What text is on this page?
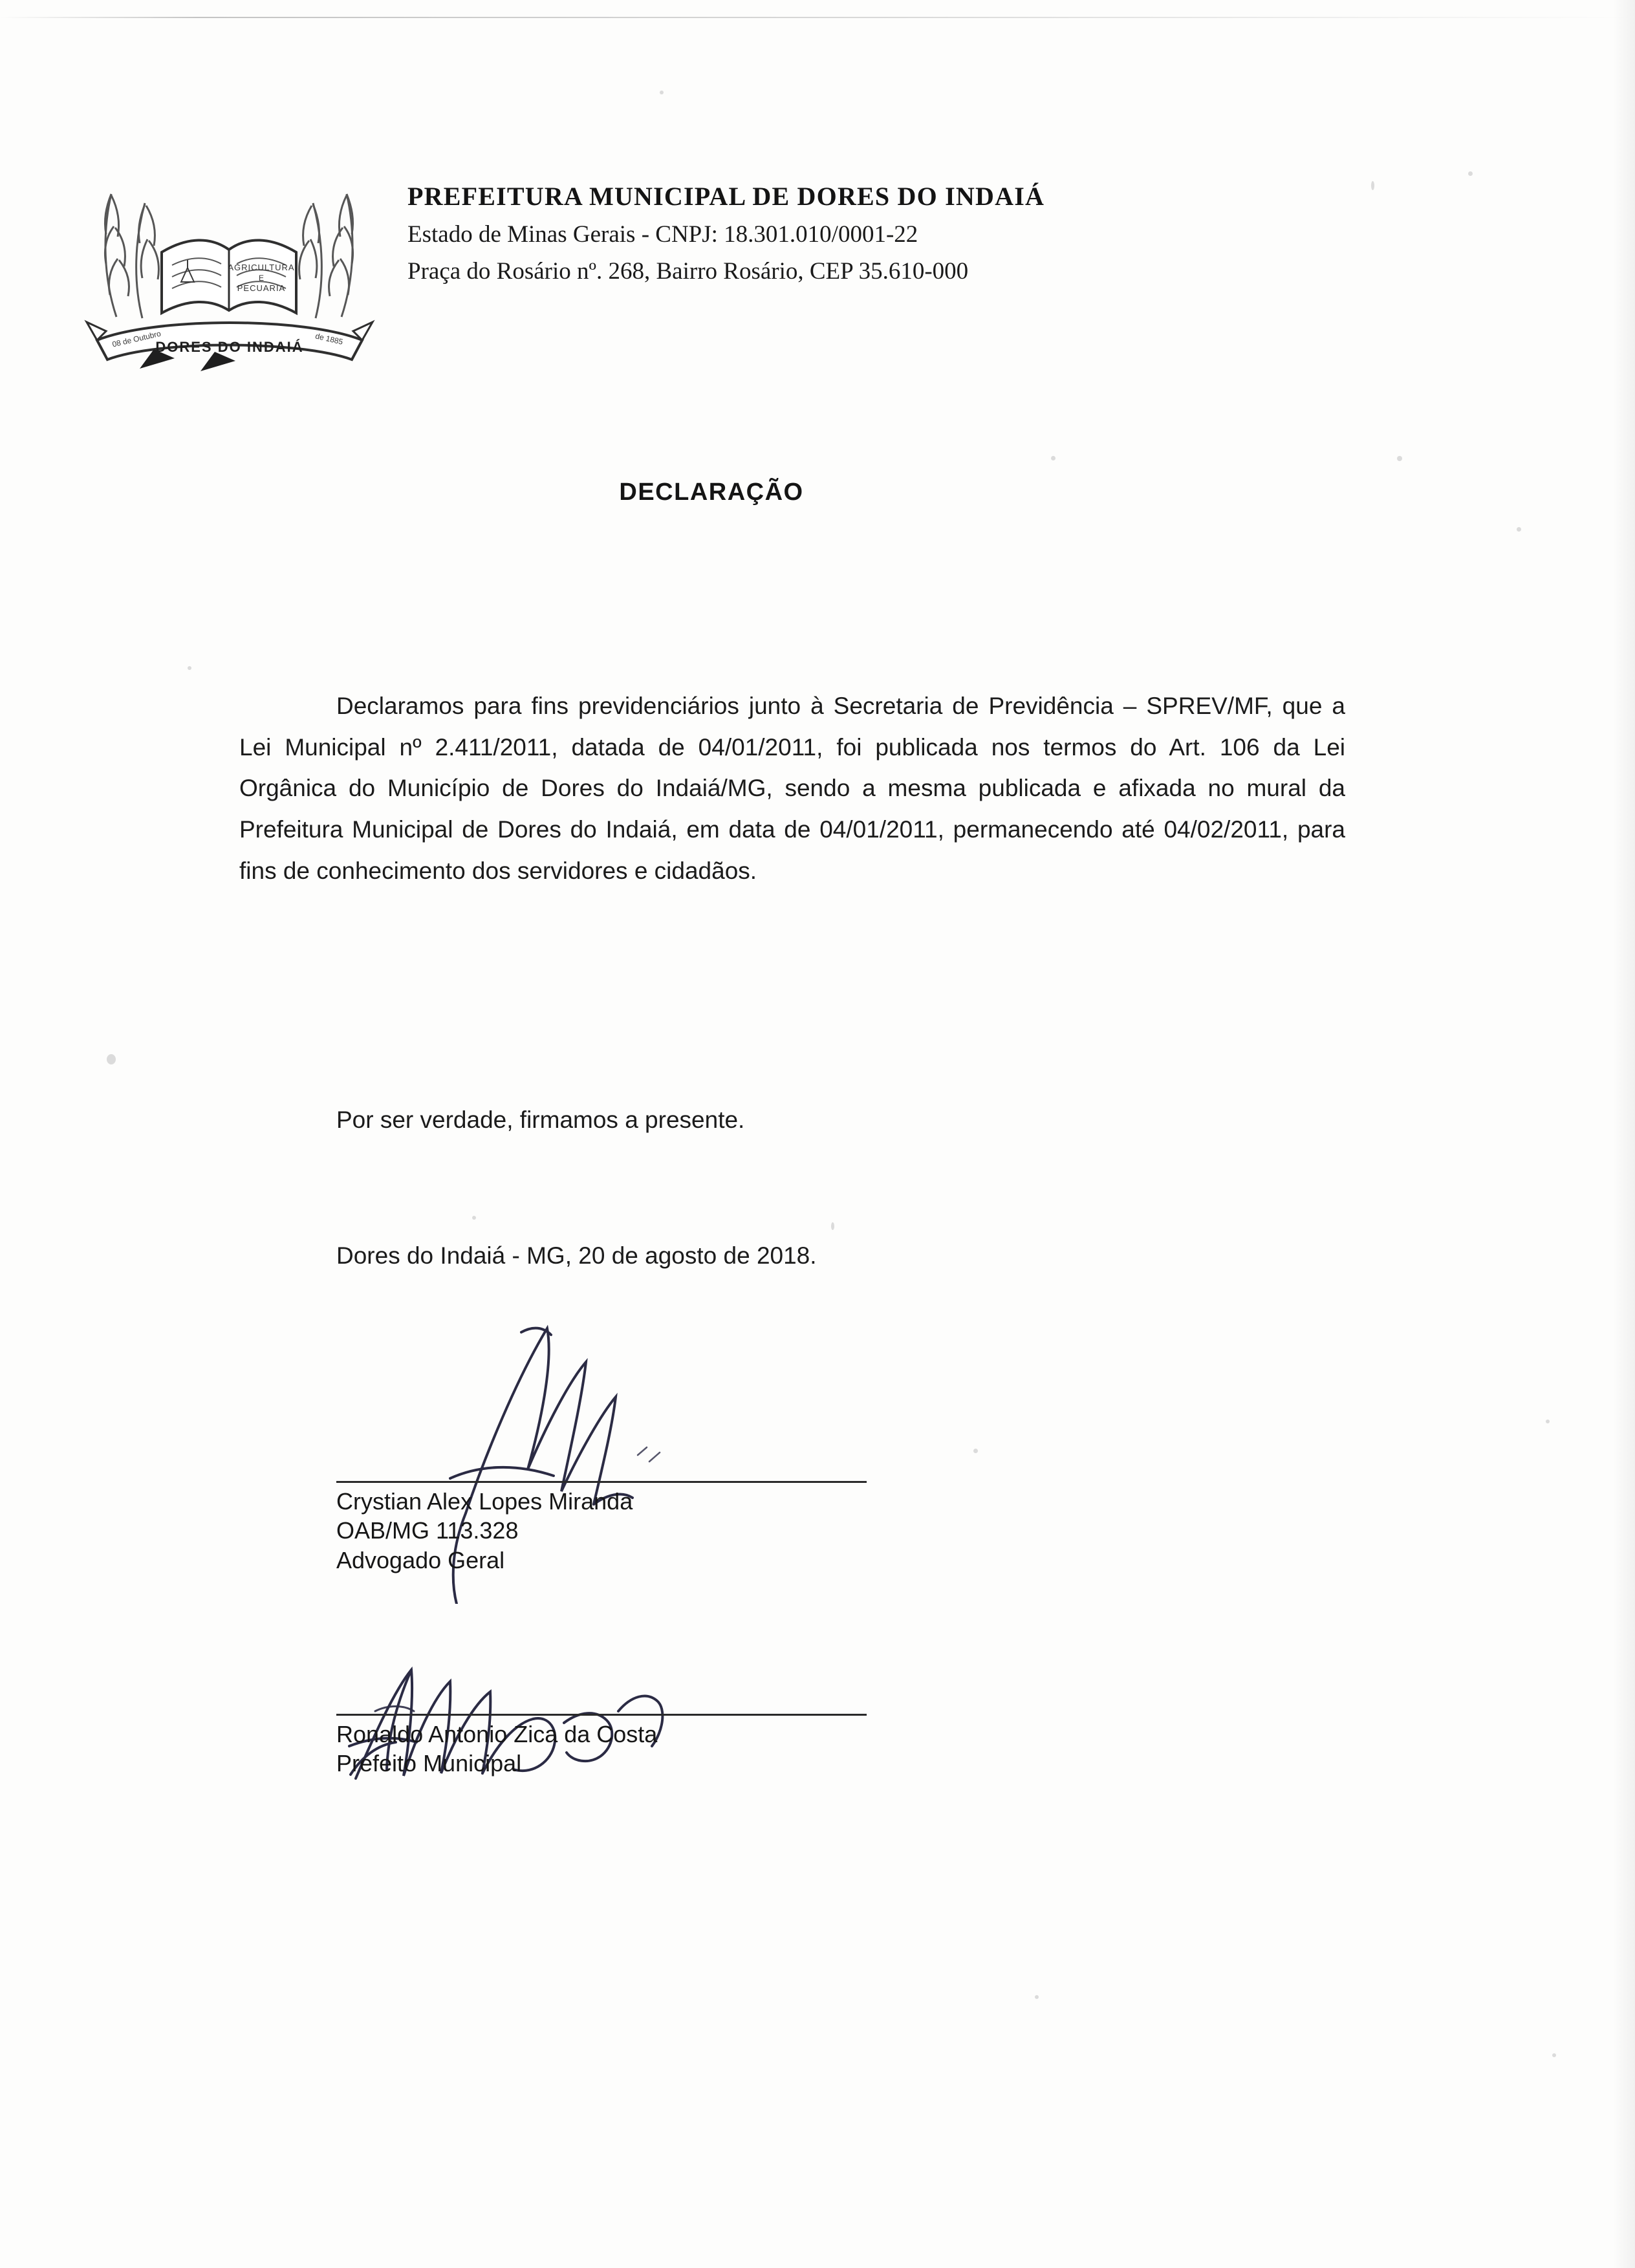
AGRICULTURA
E
PECUARIA
DORES DO INDAIÁ
08 de Outubro	de 1885
PREFEITURA MUNICIPAL DE DORES DO INDAIÁ
Estado de Minas Gerais - CNPJ: 18.301.010/0001-22
Praça do Rosário nº. 268, Bairro Rosário, CEP 35.610-000
DECLARAÇÃO
Declaramos para fins previdenciários junto à Secretaria de Previdência – SPREV/MF, que a Lei Municipal nº 2.411/2011, datada de 04/01/2011, foi publicada nos termos do Art. 106 da Lei Orgânica do Município de Dores do Indaiá/MG, sendo a mesma publicada e afixada no mural da Prefeitura Municipal de Dores do Indaiá, em data de 04/01/2011, permanecendo até 04/02/2011, para fins de conhecimento dos servidores e cidadãos.
Por ser verdade, firmamos a presente.
Dores do Indaiá - MG, 20 de agosto de 2018.
Crystian Alex Lopes Miranda
OAB/MG 113.328
Advogado Geral
Ronaldo Antonio Zica da Costa
Prefeito Municipal
